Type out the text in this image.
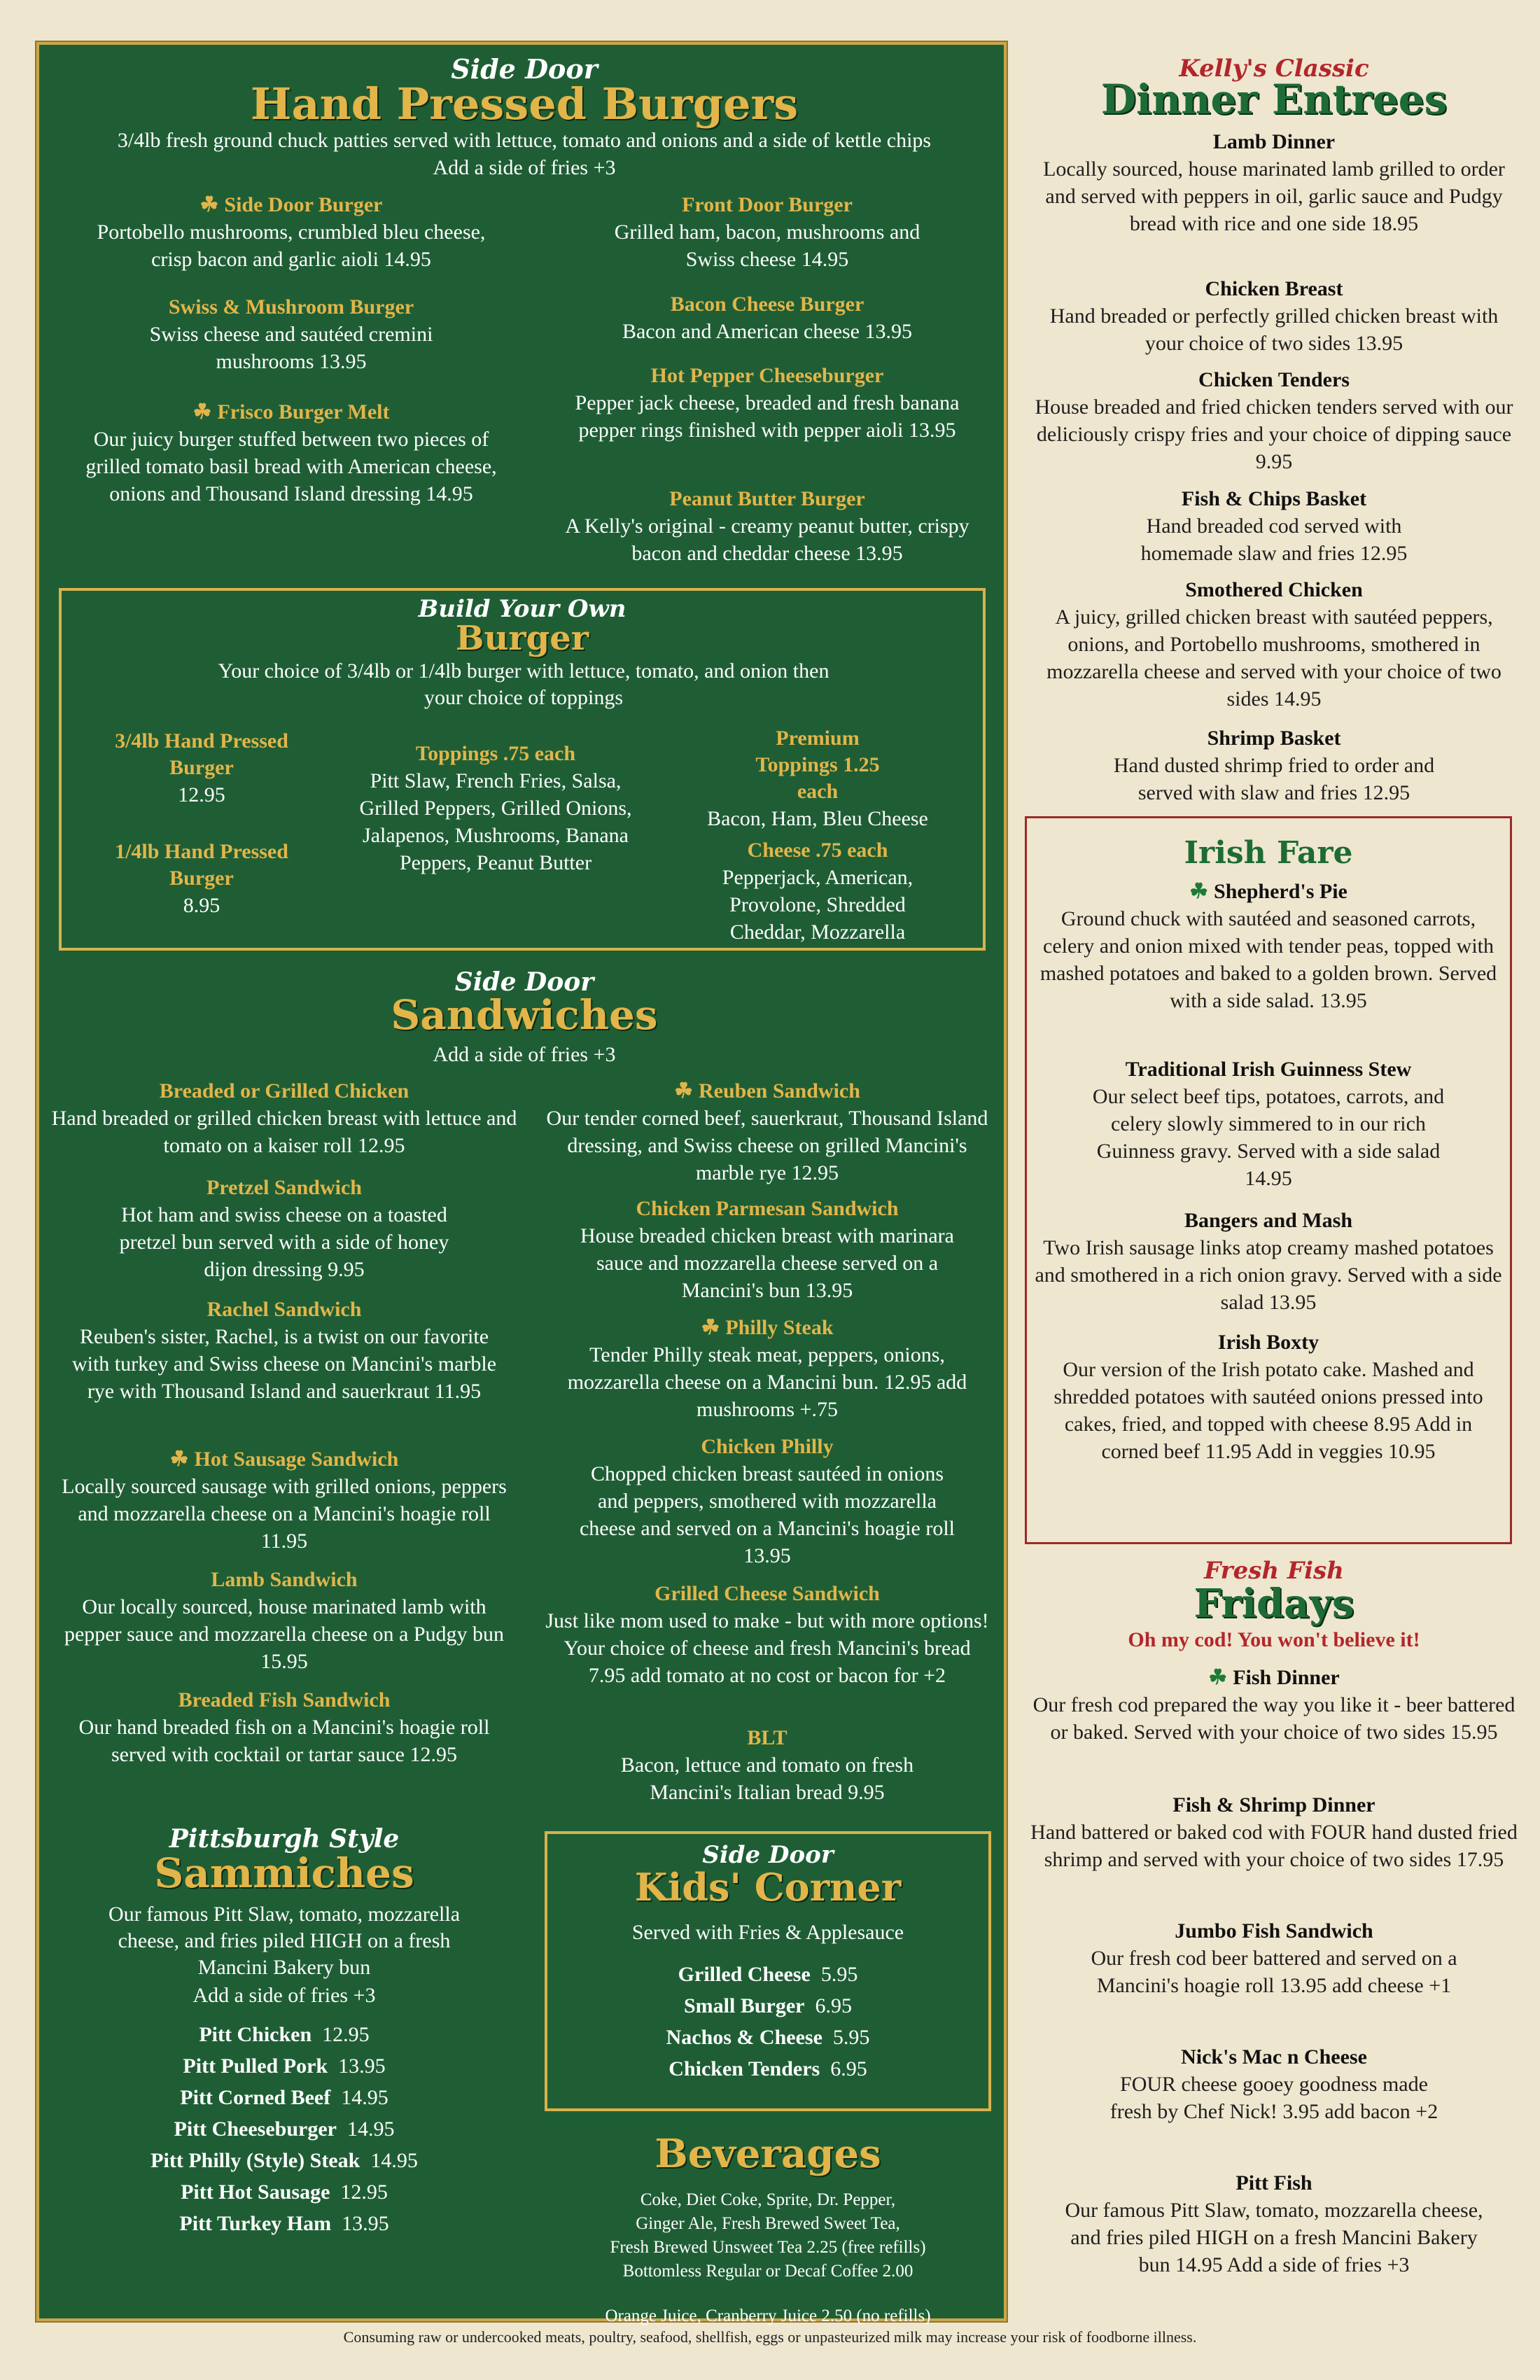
Side Door
Hand Pressed Burgers
3/4lb fresh ground chuck patties served with lettuce, tomato and onions and a side of kettle chips
Add a side of fries +3
☘ Side Door Burger
Portobello mushrooms, crumbled bleu cheese, crisp bacon and garlic aioli 14.95
Swiss & Mushroom Burger
Swiss cheese and sautéed cremini mushrooms 13.95
☘ Frisco Burger Melt
Our juicy burger stuffed between two pieces of grilled tomato basil bread with American cheese, onions and Thousand Island dressing 14.95
Front Door Burger
Grilled ham, bacon, mushrooms and Swiss cheese 14.95
Bacon Cheese Burger
Bacon and American cheese 13.95
Hot Pepper Cheeseburger
Pepper jack cheese, breaded and fresh banana pepper rings finished with pepper aioli 13.95
Peanut Butter Burger
A Kelly's original - creamy peanut butter, crispy bacon and cheddar cheese 13.95
Build Your Own
Burger
Your choice of 3/4lb or 1/4lb burger with lettuce, tomato, and onion then your choice of toppings
3/4lb Hand Pressed Burger
12.95
1/4lb Hand Pressed Burger
8.95
Toppings .75 each
Pitt Slaw, French Fries, Salsa, Grilled Peppers, Grilled Onions, Jalapenos, Mushrooms, Banana Peppers, Peanut Butter
Premium Toppings 1.25 each
Bacon, Ham, Bleu Cheese
Cheese .75 each
Pepperjack, American, Provolone, Shredded Cheddar, Mozzarella
Side Door
Sandwiches
Add a side of fries +3
Breaded or Grilled Chicken
Hand breaded or grilled chicken breast with lettuce and tomato on a kaiser roll 12.95
Pretzel Sandwich
Hot ham and swiss cheese on a toasted pretzel bun served with a side of honey dijon dressing 9.95
Rachel Sandwich
Reuben's sister, Rachel, is a twist on our favorite with turkey and Swiss cheese on Mancini's marble rye with Thousand Island and sauerkraut 11.95
☘ Hot Sausage Sandwich
Locally sourced sausage with grilled onions, peppers and mozzarella cheese on a Mancini's hoagie roll 11.95
Lamb Sandwich
Our locally sourced, house marinated lamb with pepper sauce and mozzarella cheese on a Pudgy bun 15.95
Breaded Fish Sandwich
Our hand breaded fish on a Mancini's hoagie roll served with cocktail or tartar sauce 12.95
☘ Reuben Sandwich
Our tender corned beef, sauerkraut, Thousand Island dressing, and Swiss cheese on grilled Mancini's marble rye 12.95
Chicken Parmesan Sandwich
House breaded chicken breast with marinara sauce and mozzarella cheese served on a Mancini's bun 13.95
☘ Philly Steak
Tender Philly steak meat, peppers, onions, mozzarella cheese on a Mancini bun. 12.95 add mushrooms +.75
Chicken Philly
Chopped chicken breast sautéed in onions and peppers, smothered with mozzarella cheese and served on a Mancini's hoagie roll 13.95
Grilled Cheese Sandwich
Just like mom used to make - but with more options! Your choice of cheese and fresh Mancini's bread 7.95 add tomato at no cost or bacon for +2
BLT
Bacon, lettuce and tomato on fresh Mancini's Italian bread 9.95
Pittsburgh Style
Sammiches
Our famous Pitt Slaw, tomato, mozzarella cheese, and fries piled HIGH on a fresh Mancini Bakery bun
Add a side of fries +3
Pitt Chicken 12.95
Pitt Pulled Pork 13.95
Pitt Corned Beef 14.95
Pitt Cheeseburger 14.95
Pitt Philly (Style) Steak 14.95
Pitt Hot Sausage 12.95
Pitt Turkey Ham 13.95
Side Door
Kids' Corner
Served with Fries & Applesauce
Grilled Cheese 5.95
Small Burger 6.95
Nachos & Cheese 5.95
Chicken Tenders 6.95
Beverages
Coke, Diet Coke, Sprite, Dr. Pepper,
Ginger Ale, Fresh Brewed Sweet Tea,
Fresh Brewed Unsweet Tea 2.25 (free refills)
Bottomless Regular or Decaf Coffee 2.00
Orange Juice, Cranberry Juice 2.50 (no refills)
Kelly's Classic
Dinner Entrees
Lamb Dinner
Locally sourced, house marinated lamb grilled to order and served with peppers in oil, garlic sauce and Pudgy bread with rice and one side 18.95
Chicken Breast
Hand breaded or perfectly grilled chicken breast with your choice of two sides 13.95
Chicken Tenders
House breaded and fried chicken tenders served with our deliciously crispy fries and your choice of dipping sauce 9.95
Fish & Chips Basket
Hand breaded cod served with homemade slaw and fries 12.95
Smothered Chicken
A juicy, grilled chicken breast with sautéed peppers, onions, and Portobello mushrooms, smothered in mozzarella cheese and served with your choice of two sides 14.95
Shrimp Basket
Hand dusted shrimp fried to order and served with slaw and fries 12.95
Irish Fare
☘ Shepherd's Pie
Ground chuck with sautéed and seasoned carrots, celery and onion mixed with tender peas, topped with mashed potatoes and baked to a golden brown. Served with a side salad. 13.95
Traditional Irish Guinness Stew
Our select beef tips, potatoes, carrots, and celery slowly simmered to in our rich Guinness gravy. Served with a side salad 14.95
Bangers and Mash
Two Irish sausage links atop creamy mashed potatoes and smothered in a rich onion gravy. Served with a side salad 13.95
Irish Boxty
Our version of the Irish potato cake. Mashed and shredded potatoes with sautéed onions pressed into cakes, fried, and topped with cheese 8.95 Add in corned beef 11.95 Add in veggies 10.95
Fresh Fish
Fridays
Oh my cod! You won't believe it!
☘ Fish Dinner
Our fresh cod prepared the way you like it - beer battered or baked. Served with your choice of two sides 15.95
Fish & Shrimp Dinner
Hand battered or baked cod with FOUR hand dusted fried shrimp and served with your choice of two sides 17.95
Jumbo Fish Sandwich
Our fresh cod beer battered and served on a Mancini's hoagie roll 13.95 add cheese +1
Nick's Mac n Cheese
FOUR cheese gooey goodness made fresh by Chef Nick! 3.95 add bacon +2
Pitt Fish
Our famous Pitt Slaw, tomato, mozzarella cheese, and fries piled HIGH on a fresh Mancini Bakery bun 14.95 Add a side of fries +3
Consuming raw or undercooked meats, poultry, seafood, shellfish, eggs or unpasteurized milk may increase your risk of foodborne illness.
